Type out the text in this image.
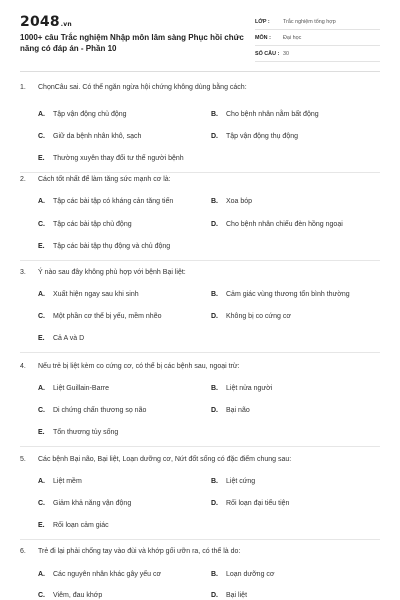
2048.vn
1000+ câu Trắc nghiệm Nhập môn lâm sàng Phục hồi chức năng có đáp án - Phần 10
LỚP :	Trắc nghiệm tổng hợp
MÔN :	Đại học
SỐ CÂU : 30
1. ChọnCâu sai. Có thể ngăn ngừa hội chứng không dùng bằng cách:
A. Tập vận động chủ động	B. Cho bệnh nhân nằm bất động
C. Giữ da bệnh nhân khô, sạch	D. Tập vận động thụ động
E. Thường xuyên thay đổi tư thế người bệnh
2. Cách tốt nhất để làm tăng sức mạnh cơ là:
A. Tập các bài tập có kháng cản tăng tiến	B. Xoa bóp
C. Tập các bài tập chủ động	D. Cho bệnh nhân chiếu đèn hồng ngoại
E. Tập các bài tập thụ động và chủ động
3. Ý nào sau đây không phù hợp với bệnh Bại liệt:
A. Xuất hiện ngay sau khi sinh	B. Cảm giác vùng thương tổn bình thường
C. Một phần cơ thể bị yếu, mềm nhẽo	D. Không bị co cứng cơ
E. Cả A và D
4. Nếu trẻ bị liệt kèm co cứng cơ, có thể bị các bệnh sau, ngoại trừ:
A. Liệt Guillain-Barre	B. Liệt nửa người
C. Di chứng chấn thương sọ não	D. Bại não
E. Tổn thương tủy sống
5. Các bệnh Bại não, Bại liệt, Loạn dưỡng cơ, Nứt đốt sống có đặc điểm chung sau:
A. Liệt mềm	B. Liệt cứng
C. Giảm khả năng vận động	D. Rối loạn đại tiểu tiện
E. Rối loạn cảm giác
6. Trẻ đi lại phải chống tay vào đùi và khớp gối ưỡn ra, có thể là do:
A. Các nguyên nhân khác gây yếu cơ	B. Loạn dưỡng cơ
C. Viêm, đau khớp	D. Bại liệt
